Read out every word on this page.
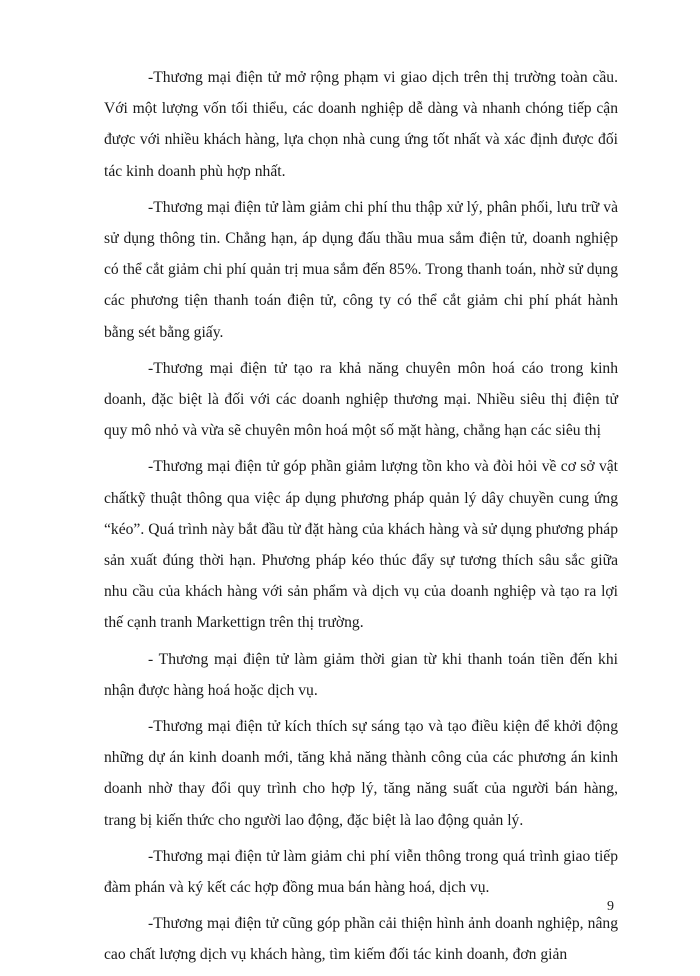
-Thương mại điện tử mở rộng phạm vi giao dịch trên thị trường toàn cầu. Với một lượng vốn tối thiểu, các doanh nghiệp dễ dàng và nhanh chóng tiếp cận được với nhiều khách hàng, lựa chọn nhà cung ứng tốt nhất và xác định được đối tác kinh doanh phù hợp nhất.

-Thương mại điện tử làm giảm chi phí thu thập xử lý, phân phối, lưu trữ và sử dụng thông tin. Chẳng hạn, áp dụng đấu thầu mua sắm điện tử, doanh nghiệp có thể cắt giảm chi phí quản trị mua sắm đến 85%. Trong thanh toán, nhờ sử dụng các phương tiện thanh toán điện tử, công ty có thể cắt giảm chi phí phát hành bằng sét bằng giấy.

-Thương mại điện tử tạo ra khả năng chuyên môn hoá cáo trong kinh doanh, đặc biệt là đối với các doanh nghiệp thương mại. Nhiều siêu thị điện tử quy mô nhỏ và vừa sẽ chuyên môn hoá một số mặt hàng, chẳng hạn các siêu thị

-Thương mại điện tử góp phần giảm lượng tồn kho và đòi hỏi về cơ sở vật chấtkỹ thuật thông qua việc áp dụng phương pháp quản lý dây chuyền cung ứng “kéo”. Quá trình này bắt đầu từ đặt hàng của khách hàng và sử dụng phương pháp sản xuất đúng thời hạn. Phương pháp kéo thúc đẩy sự tương thích sâu sắc giữa nhu cầu của khách hàng với sản phẩm và dịch vụ của doanh nghiệp và tạo ra lợi thế cạnh tranh Markettign trên thị trường.

- Thương mại điện tử làm giảm thời gian từ khi thanh toán tiền đến khi nhận được hàng hoá hoặc dịch vụ.

-Thương mại điện tử kích thích sự sáng tạo và tạo điều kiện để khởi động những dự án kinh doanh mới, tăng khả năng thành công của các phương án kinh doanh nhờ thay đổi quy trình cho hợp lý, tăng năng suất của người bán hàng, trang bị kiến thức cho người lao động, đặc biệt là lao động quản lý.

-Thương mại điện tử làm giảm chi phí viễn thông trong quá trình giao tiếp đàm phán và ký kết các hợp đồng mua bán hàng hoá, dịch vụ.

-Thương mại điện tử cũng góp phần cải thiện hình ảnh doanh nghiệp, nâng cao chất lượng dịch vụ khách hàng, tìm kiếm đối tác kinh doanh, đơn giản

9
